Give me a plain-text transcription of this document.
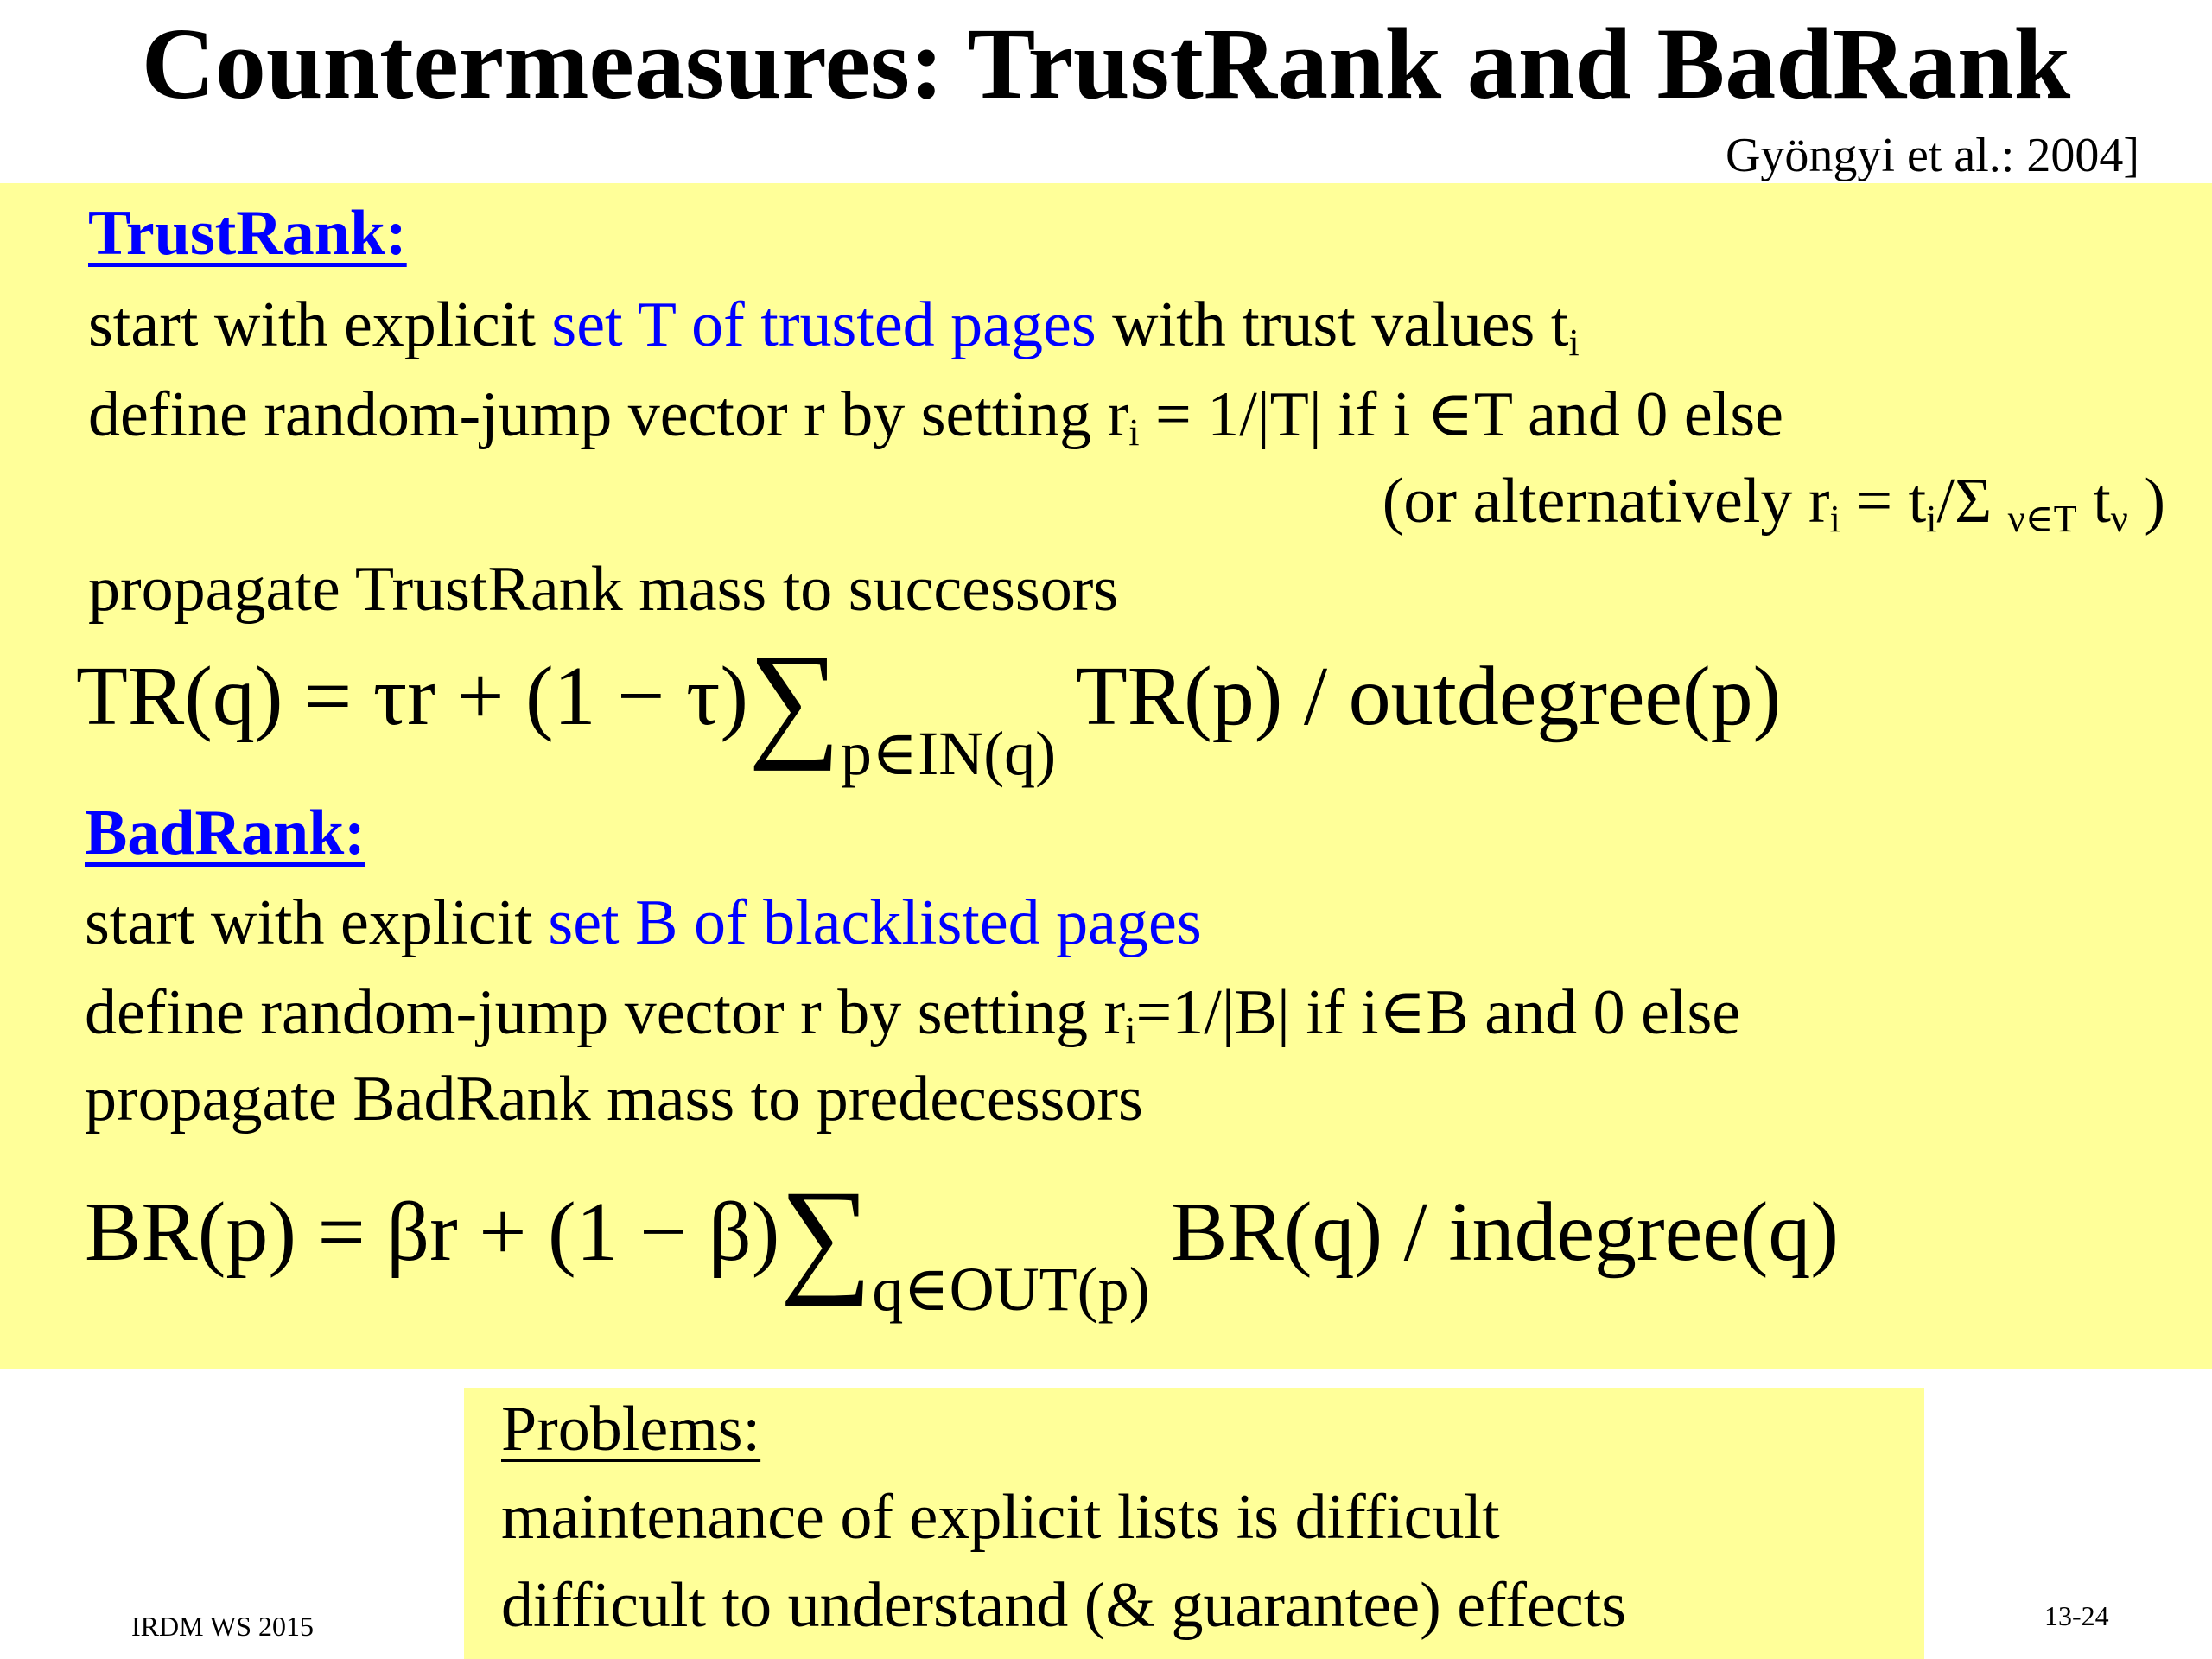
Countermeasures: TrustRank and BadRank
Gyöngyi et al.: 2004]
TrustRank:
start with explicit set T of trusted pages with trust values $t_i$
define random-jump vector r by setting $r_i = 1/|T|$ if i ∈T and 0 else
(or alternatively $r_i = t_i/\Sigma$ $_{\nu\in T}$ $t_\nu$ )
propagate TrustRank mass to successors
$TR(q) = \tau r + (1 - \tau)\sum_{p\in IN(q)}$ TR(p) / outdegree(p)
BadRank:
start with explicit set B of blacklisted pages
define random-jump vector r by setting $r_i=1/|B|$ if i∈B and 0 else
propagate BadRank mass to predecessors
$BR(p) = \beta r + (1 - \beta)\sum_{q\in OUT(p)}$ BR(q) / indegree(q)
Problems:
maintenance of explicit lists is difficult
difficult to understand (& guarantee) effects
IRDM WS 2015	13-24
